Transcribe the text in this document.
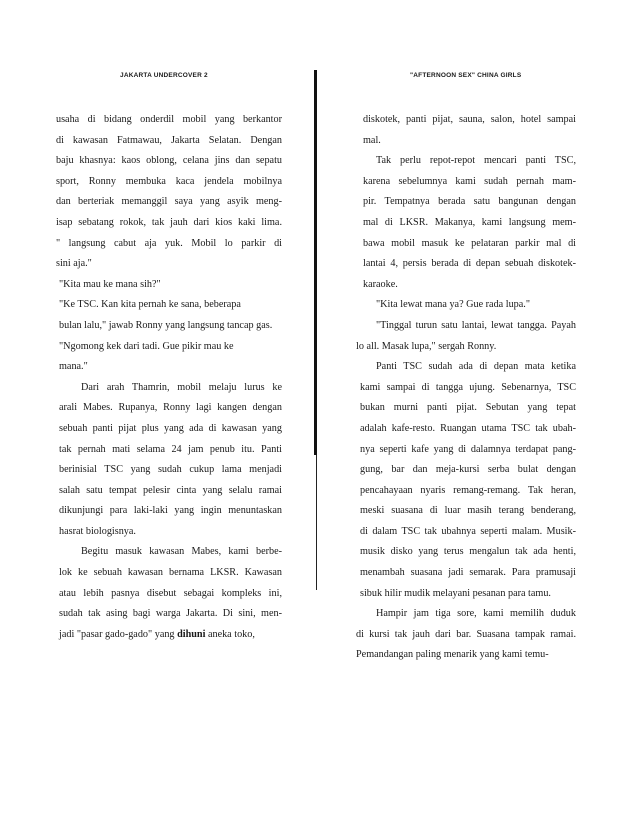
JAKARTA UNDERCOVER 2	"AFTERNOON SEX" CHINA GIRLS
usaha di bidang onderdil mobil yang berkantor
di kawasan Fatmawau, Jakarta Selatan. Dengan
baju khasnya: kaos oblong, celana jins dan sepatu
sport, Ronny membuka kaca jendela mobilnya
dan berteriak memanggil saya yang asyik meng-
isap sebatang rokok, tak jauh dari kios kaki lima.
" langsung cabut aja yuk. Mobil lo parkir di
sini aja."
"Kita mau ke mana sih?"
"Ke TSC. Kan kita pernah ke sana, beberapa
bulan lalu," jawab Ronny yang langsung tancap gas.
"Ngomong kek dari tadi. Gue pikir mau ke
mana."
Dari arah Thamrin, mobil melaju lurus ke
arali Mabes. Rupanya, Ronny lagi kangen dengan
sebuah panti pijat plus yang ada di kawasan yang
tak pernah mati selama 24 jam penub itu. Panti
berinisial TSC yang sudah cukup lama menjadi
salah satu tempat pelesir cinta yang selalu ramai
dikunjungi para laki-laki yang ingin menuntaskan
hasrat biologisnya.
Begitu masuk kawasan Mabes, kami berbe-
lok ke sebuah kawasan bernama LKSR. Kawasan
atau lebih pasnya disebut sebagai kompleks ini,
sudah tak asing bagi warga Jakarta. Di sini, men-
jadi "pasar gado-gado" yang dihuni aneka toko,
diskotek, panti pijat, sauna, salon, hotel sampai
mal.
Tak perlu repot-repot mencari panti TSC,
karena sebelumnya kami sudah pernah mam-
pir. Tempatnya berada satu bangunan dengan
mal di LKSR. Makanya, kami langsung mem-
bawa mobil masuk ke pelataran parkir mal di
lantai 4, persis berada di depan sebuah diskotek-
karaoke.
"Kita lewat mana ya? Gue rada lupa."
"Tinggal turun satu lantai, lewat tangga. Payah
lo all. Masak lupa," sergah Ronny.
Panti TSC sudah ada di depan mata ketika
kami sampai di tangga ujung. Sebenarnya, TSC
bukan murni panti pijat. Sebutan yang tepat
adalah kafe-resto. Ruangan utama TSC tak ubah-
nya seperti kafe yang di dalamnya terdapat pang-
gung, bar dan meja-kursi serba bulat dengan
pencahayaan nyaris remang-remang. Tak heran,
meski suasana di luar masih terang benderang,
di dalam TSC tak ubahnya seperti malam. Musik-
musik disko yang terus mengalun tak ada henti,
menambah suasana jadi semarak. Para pramusaji
sibuk hilir mudik melayani pesanan para tamu.
Hampir jam tiga sore, kami memilih duduk
di kursi tak jauh dari bar. Suasana tampak ramai.
Pemandangan paling menarik yang kami temu-
